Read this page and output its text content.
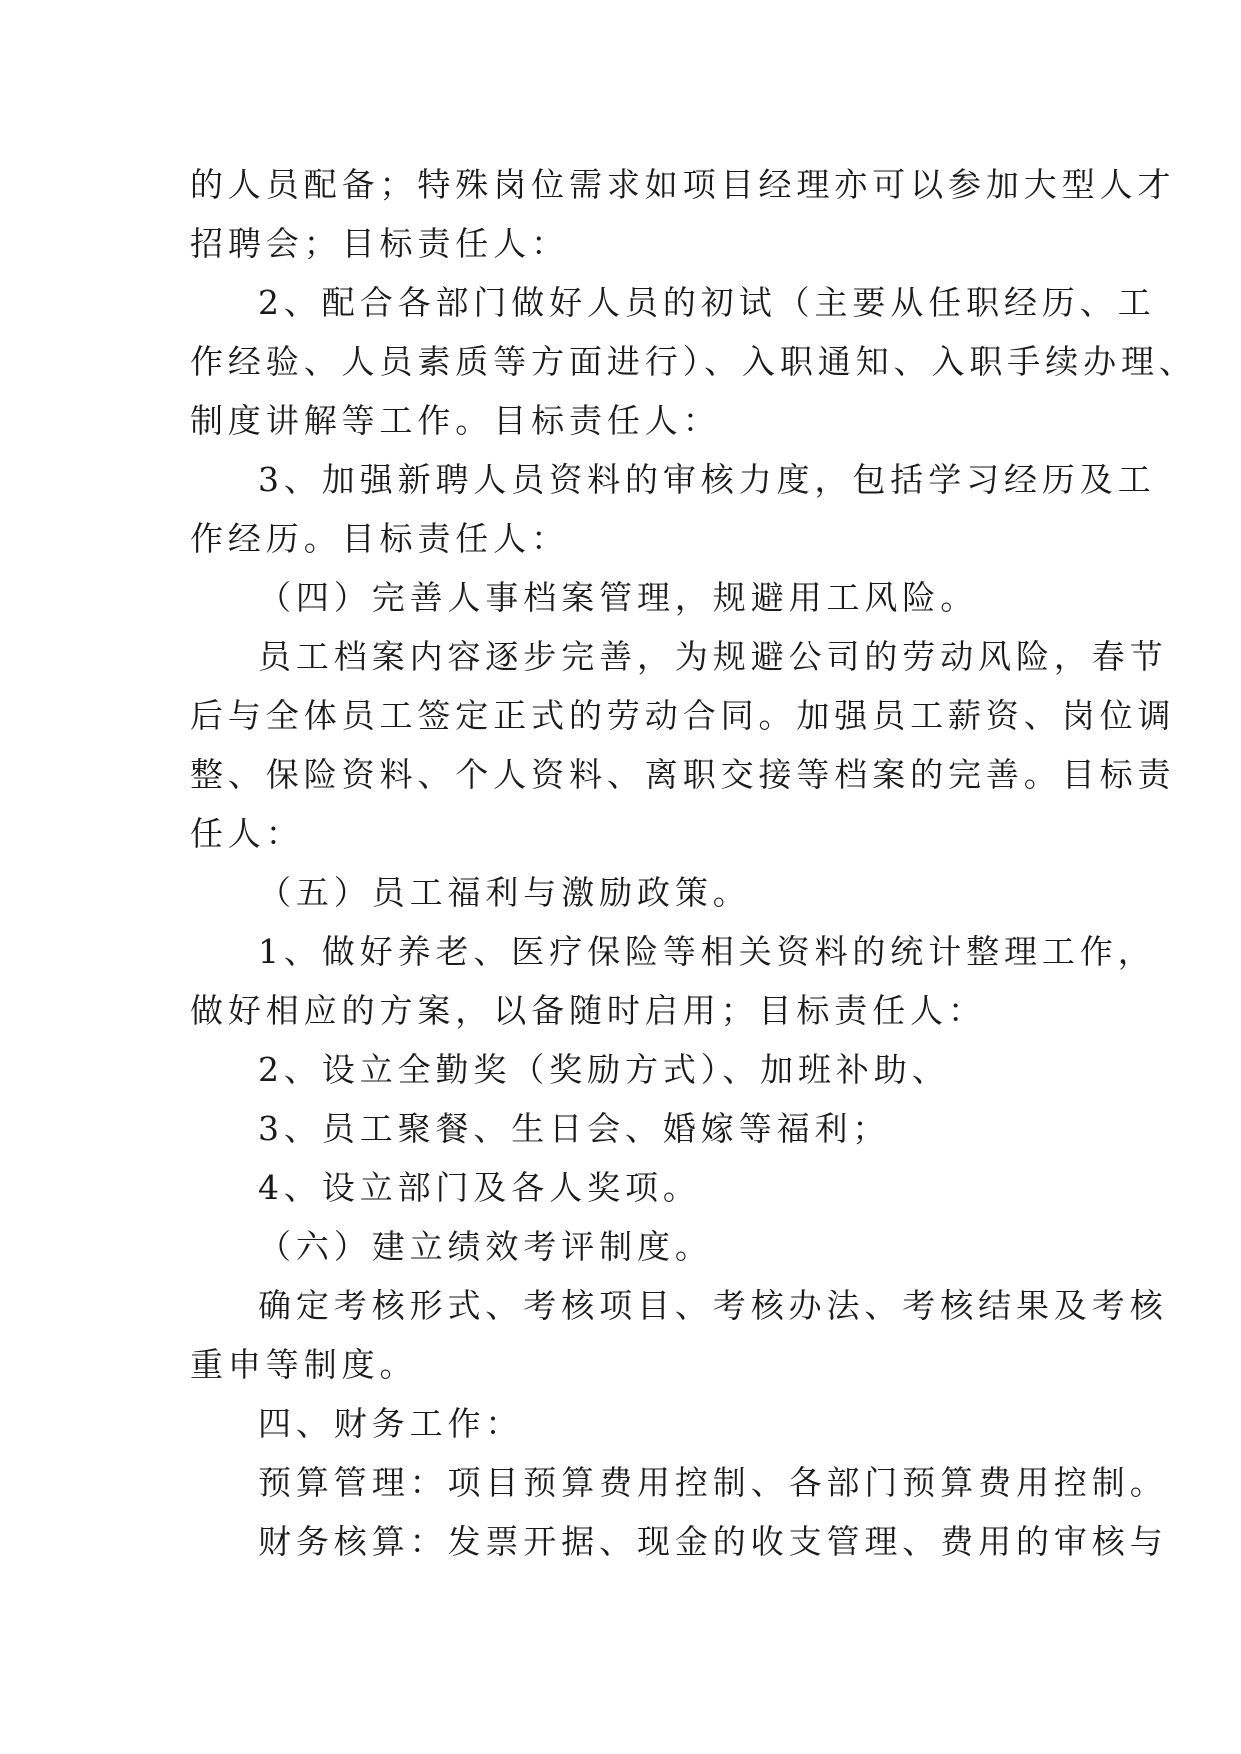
的人员配备；特殊岗位需求如项目经理亦可以参加大型人才
招聘会；目标责任人：
2、配合各部门做好人员的初试（主要从任职经历、工
作经验、人员素质等方面进行）、入职通知、入职手续办理、
制度讲解等工作。目标责任人：
3、加强新聘人员资料的审核力度，包括学习经历及工
作经历。目标责任人：
（四）完善人事档案管理，规避用工风险。
员工档案内容逐步完善，为规避公司的劳动风险，春节
后与全体员工签定正式的劳动合同。加强员工薪资、岗位调
整、保险资料、个人资料、离职交接等档案的完善。目标责
任人：
（五）员工福利与激励政策。
1、做好养老、医疗保险等相关资料的统计整理工作，
做好相应的方案，以备随时启用；目标责任人：
2、设立全勤奖（奖励方式）、加班补助、
3、员工聚餐、生日会、婚嫁等福利；
4、设立部门及各人奖项。
（六）建立绩效考评制度。
确定考核形式、考核项目、考核办法、考核结果及考核
重申等制度。
四、财务工作：
预算管理：项目预算费用控制、各部门预算费用控制。
财务核算：发票开据、现金的收支管理、费用的审核与
